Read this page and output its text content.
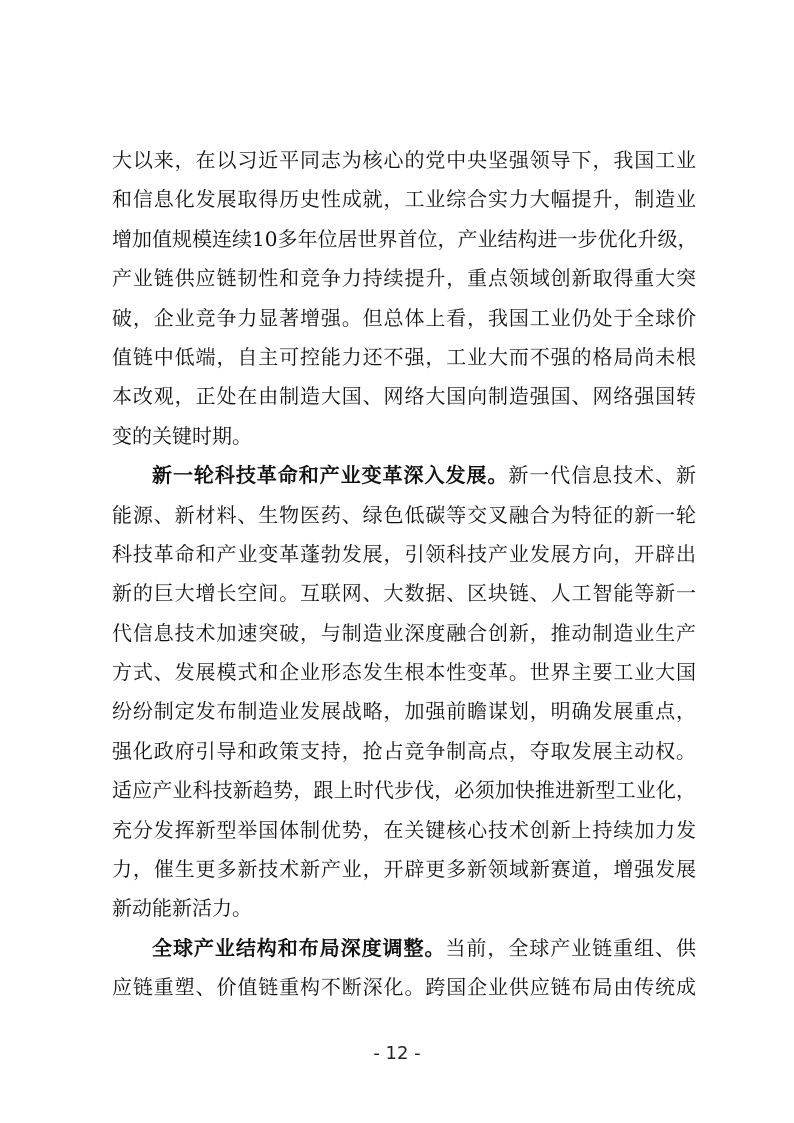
大以来，在以习近平同志为核心的党中央坚强领导下，我国工业
和信息化发展取得历史性成就，工业综合实力大幅提升，制造业
增加值规模连续10多年位居世界首位，产业结构进一步优化升级，
产业链供应链韧性和竞争力持续提升，重点领域创新取得重大突
破，企业竞争力显著增强。但总体上看，我国工业仍处于全球价
值链中低端，自主可控能力还不强，工业大而不强的格局尚未根
本改观，正处在由制造大国、网络大国向制造强国、网络强国转
变的关键时期。
新一轮科技革命和产业变革深入发展。新一代信息技术、新
能源、新材料、生物医药、绿色低碳等交叉融合为特征的新一轮
科技革命和产业变革蓬勃发展，引领科技产业发展方向，开辟出
新的巨大增长空间。互联网、大数据、区块链、人工智能等新一
代信息技术加速突破，与制造业深度融合创新，推动制造业生产
方式、发展模式和企业形态发生根本性变革。世界主要工业大国
纷纷制定发布制造业发展战略，加强前瞻谋划，明确发展重点，
强化政府引导和政策支持，抢占竞争制高点，夺取发展主动权。
适应产业科技新趋势，跟上时代步伐，必须加快推进新型工业化，
充分发挥新型举国体制优势，在关键核心技术创新上持续加力发
力，催生更多新技术新产业，开辟更多新领域新赛道，增强发展
新动能新活力。
全球产业结构和布局深度调整。当前，全球产业链重组、供
应链重塑、价值链重构不断深化。跨国企业供应链布局由传统成
- 12 -
